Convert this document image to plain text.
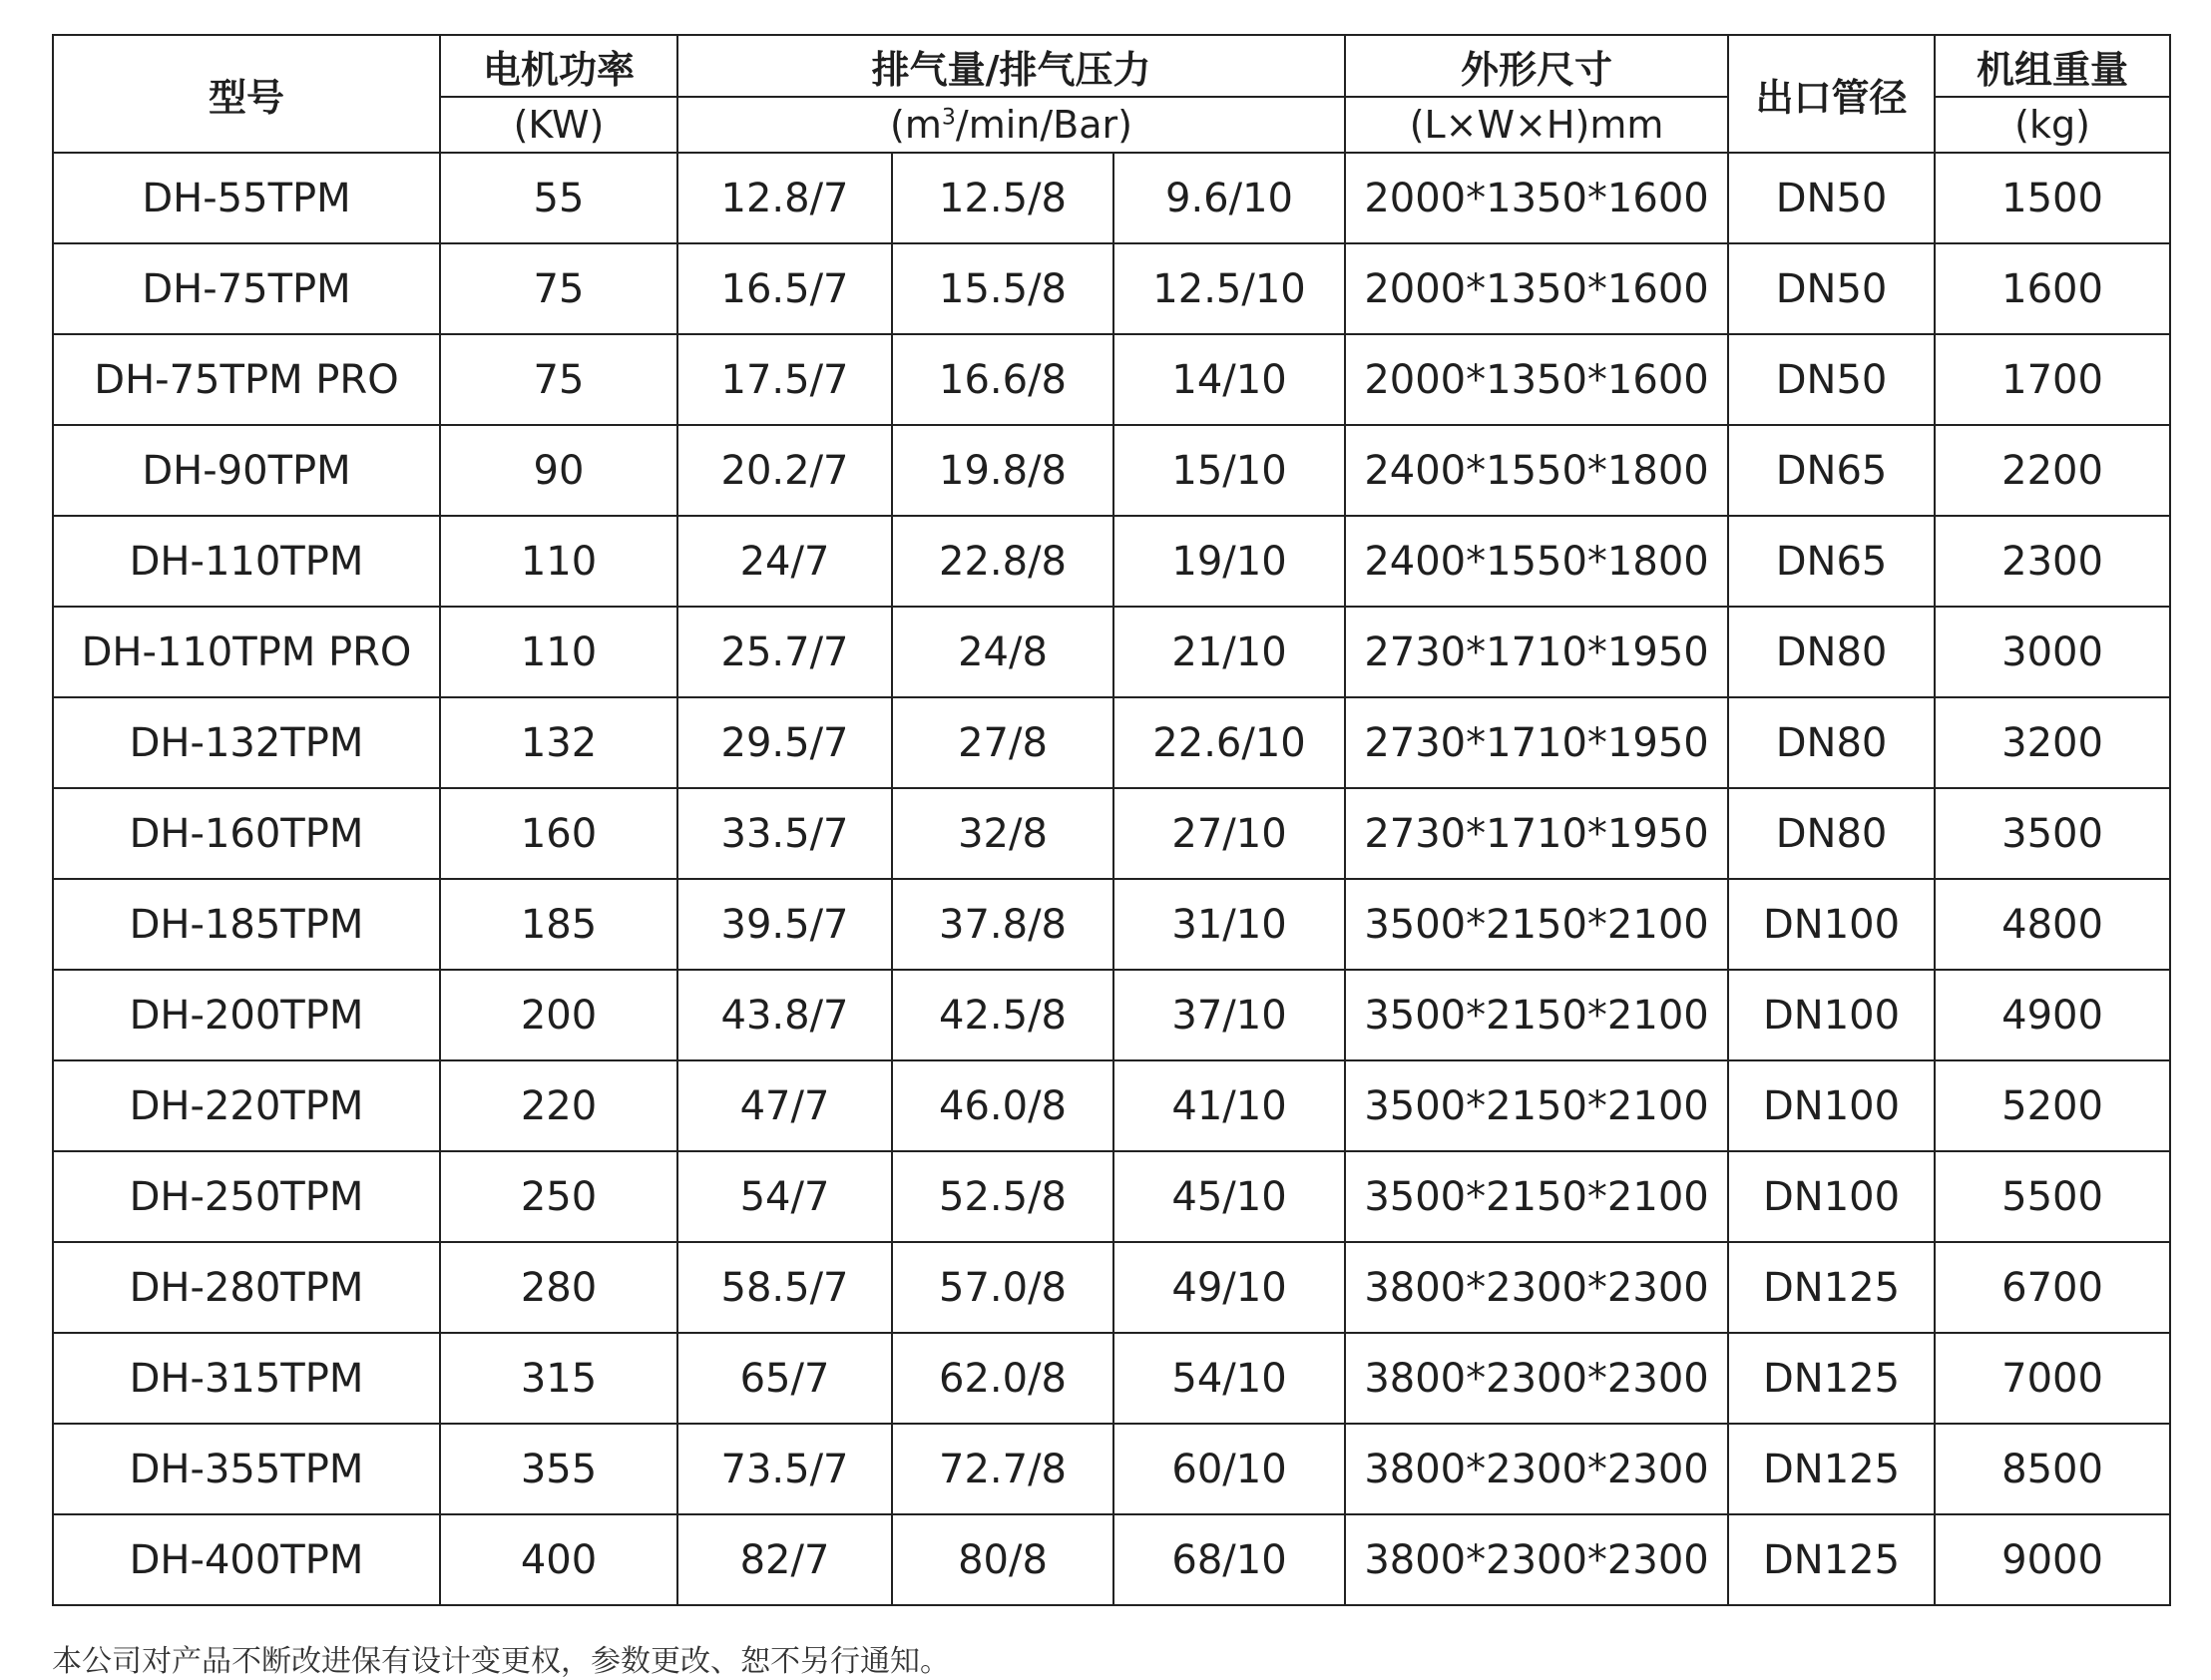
型号	电机功率	排气量/排气压力			外形尺寸	出口管径	机组重量
	(KW)	$(m^3/\min/Bar)$			(L×W×H)mm		(kg)
DH-55TPM	55	12.8/7	12.5/8	9.6/10	2000*1350*1600	DN50	1500
DH-75TPM	75	16.5/7	15.5/8	12.5/10	2000*1350*1600	DN50	1600
DH-75TPM PRO	75	17.5/7	16.6/8	14/10	2000*1350*1600	DN50	1700
DH-90TPM	90	20.2/7	19.8/8	15/10	2400*1550*1800	DN65	2200
DH-110TPM	110	24/7	22.8/8	19/10	2400*1550*1800	DN65	2300
DH-110TPM PRO	110	25.7/7	24/8	21/10	2730*1710*1950	DN80	3000
DH-132TPM	132	29.5/7	27/8	22.6/10	2730*1710*1950	DN80	3200
DH-160TPM	160	33.5/7	32/8	27/10	2730*1710*1950	DN80	3500
DH-185TPM	185	39.5/7	37.8/8	31/10	3500*2150*2100	DN100	4800
DH-200TPM	200	43.8/7	42.5/8	37/10	3500*2150*2100	DN100	4900
DH-220TPM	220	47/7	46.0/8	41/10	3500*2150*2100	DN100	5200
DH-250TPM	250	54/7	52.5/8	45/10	3500*2150*2100	DN100	5500
DH-280TPM	280	58.5/7	57.0/8	49/10	3800*2300*2300	DN125	6700
DH-315TPM	315	65/7	62.0/8	54/10	3800*2300*2300	DN125	7000
DH-355TPM	355	73.5/7	72.7/8	60/10	3800*2300*2300	DN125	8500
DH-400TPM	400	82/7	80/8	68/10	3800*2300*2300	DN125	9000
本公司对产品不断改进保有设计变更权，参数更改、恕不另行通知。
